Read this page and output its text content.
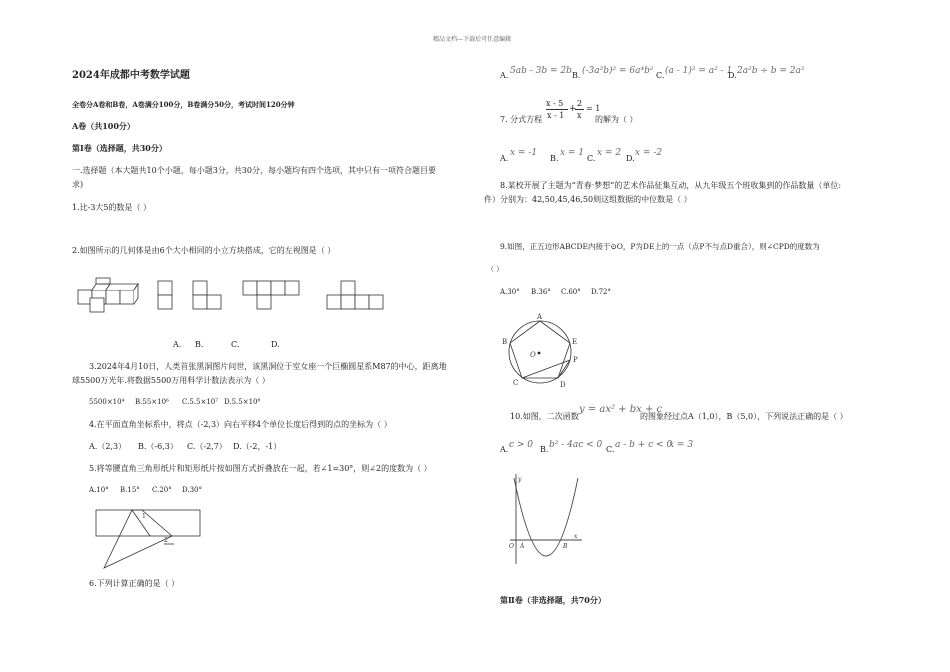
精品文档---下载后可任意编辑
2024年成都中考数学试题
全卷分A卷和B卷，A卷满分100分，B卷满分50分，考试时间120分钟
A卷（共100分）
第Ⅰ卷（选择题，共30分）
一.选择题（本大题共10个小题，每小题3分，共30分，每小题均有四个选项，其中只有一项符合题目要
求)
1.比-3大5的数是（ ）
2.如图所示的几何体是由6个大小相同的小立方块搭成，它的左视图是（ ）
A. B.	C.	D.
3.2024年4月10日，人类首张黑洞图片问世，该黑洞位于室女座一个巨椭圆星系M87的中心，距离地
球5500万光年.将数据5500万用科学计数法表示为（ ）
5500×10⁴ B.55×10⁶ C.5.5×10⁷ D.5.5×10⁸
4.在平面直角坐标系中，将点（-2,3）向右平移4个单位长度后得到的点的坐标为（ ）
A.（2,3） B.（-6,3） C.（-2,7） D.（-2，-1）
5.将等腰直角三角形纸片和矩形纸片按如图方式折叠放在一起，若∠1=30°，则∠2的度数为（ ）
A.10° B.15° C.20° D.30°
1
2
6.下列计算正确的是（ ）
A. 5ab - 3b = 2b B. (-3a²b)² = 6a⁴b² C. (a - 1)² = a² - 1
D. 2a²b ÷ b = 2a²
7. 分式方程
x - 5
x - 1
+
2
x
= 1
的解为（ ）
A.
x = -1
B.
x = 1
C.
x = 2
D.
x = -2
8.某校开展了主题为“青春·梦想”的艺术作品征集互动，从九年级五个班收集到的作品数量（单位:
件）分别为：42,50,45,46,50则这组数据的中位数是（ ）
9.如图，正五边形ABCDE内接于⊙O，P为DE上的一点（点P不与点D重合），则∠CPD的度数为
（ ）
A.30° B.36° C.60° D.72°
A
B	E
P
C	D
O
10.如图，二次函数
y = ax² + bx + c
的图象经过点A（1,0），B（5,0），下列说法正确的是（ ）
A. c > 0 B. b² - 4ac < 0 C. a - b + c < 0
x = 3
y
x
O A	B
第Ⅱ卷（非选择题，共70分）
